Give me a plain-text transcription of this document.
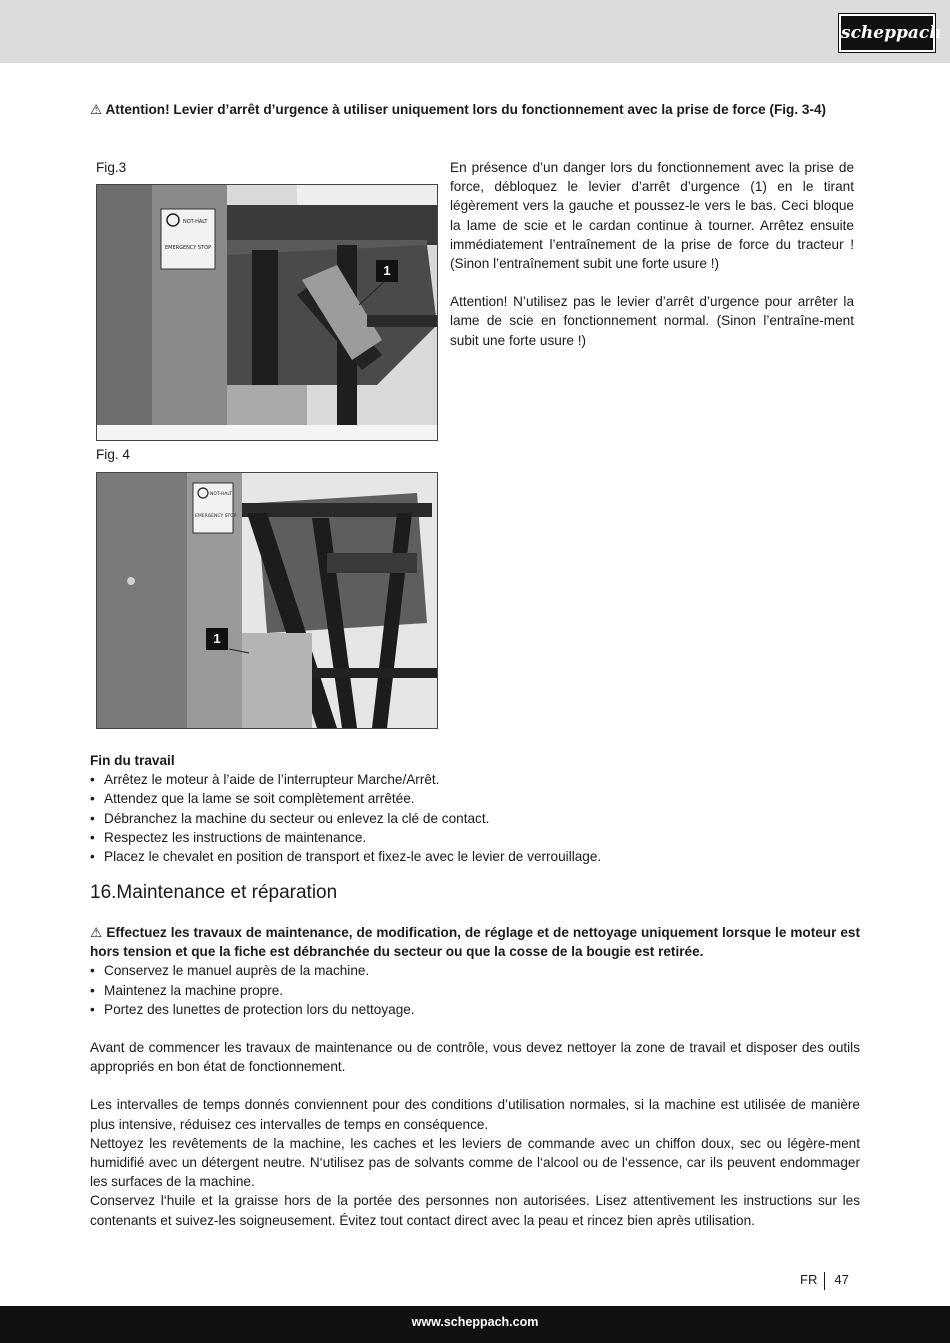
scheppach
⚠ Attention! Levier d’arrêt d’urgence à utiliser uniquement lors du fonctionnement avec la prise de force (Fig. 3-4)
Fig.3
NOT-HALT
EMERGENCY STOP
1
Fig. 4
NOT-HALT
EMERGENCY STOP
1

En présence d’un danger lors du fonctionnement avec la prise de force, débloquez le levier d’arrêt d’urgence (1) en le tirant légèrement vers la gauche et poussez-le vers le bas. Ceci bloque la lame de scie et le cardan continue à tourner. Arrêtez ensuite immédiatement l’entraînement de la prise de force du tracteur ! (Sinon l’entraînement subit une forte usure !)

Attention! N’utilisez pas le levier d’arrêt d’urgence pour arrêter la lame de scie en fonctionnement normal. (Sinon l’entraîne-ment subit une forte usure !)

Fin du travail
• Arrêtez le moteur à l’aide de l’interrupteur Marche/Arrêt.
• Attendez que la lame se soit complètement arrêtée.
• Débranchez la machine du secteur ou enlevez la clé de contact.
• Respectez les instructions de maintenance.
• Placez le chevalet en position de transport et fixez-le avec le levier de verrouillage.
16.Maintenance et réparation

⚠ Effectuez les travaux de maintenance, de modification, de réglage et de nettoyage uniquement lorsque le moteur est hors tension et que la fiche est débranchée du secteur ou que la cosse de la bougie est retirée.

• Conservez le manuel auprès de la machine.
• Maintenez la machine propre.
• Portez des lunettes de protection lors du nettoyage.

Avant de commencer les travaux de maintenance ou de contrôle, vous devez nettoyer la zone de travail et disposer des outils appropriés en bon état de fonctionnement.

Les intervalles de temps donnés conviennent pour des conditions d’utilisation normales, si la machine est utilisée de manière plus intensive, réduisez ces intervalles de temps en conséquence.

Nettoyez les revêtements de la machine, les caches et les leviers de commande avec un chiffon doux, sec ou légère-ment humidifié avec un détergent neutre. N‘utilisez pas de solvants comme de l‘alcool ou de l‘essence, car ils peuvent endommager les surfaces de la machine.

Conservez l‘huile et la graisse hors de la portée des personnes non autorisées. Lisez attentivement les instructions sur les contenants et suivez-les soigneusement. Évitez tout contact direct avec la peau et rincez bien après utilisation.

FR 47
www.scheppach.com
